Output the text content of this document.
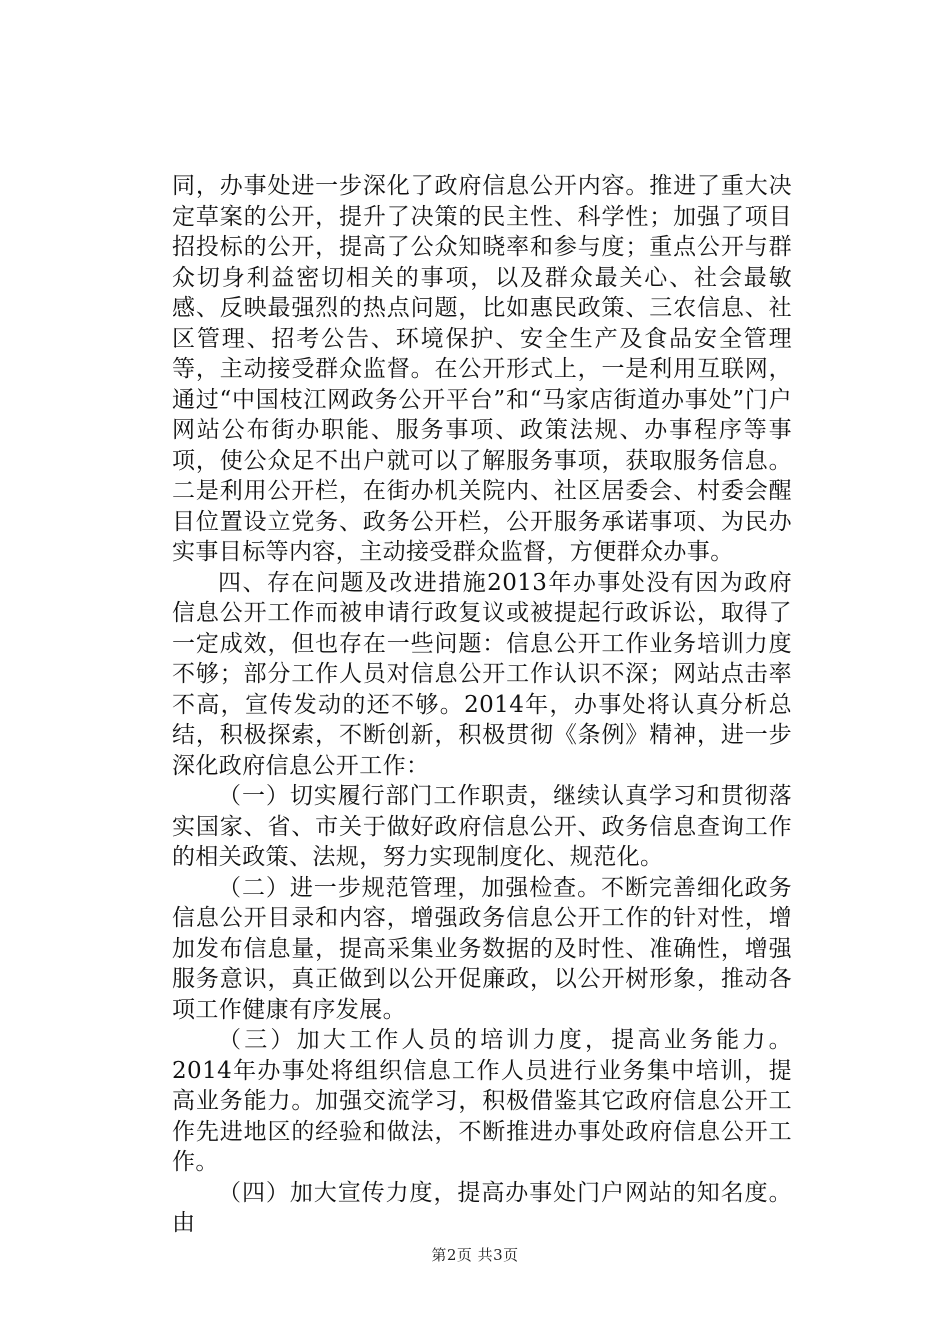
同，办事处进一步深化了政府信息公开内容。推进了重大决定草案的公开，提升了决策的民主性、科学性；加强了项目招投标的公开，提高了公众知晓率和参与度；重点公开与群众切身利益密切相关的事项，以及群众最关心、社会最敏感、反映最强烈的热点问题，比如惠民政策、三农信息、社区管理、招考公告、环境保护、安全生产及食品安全管理等，主动接受群众监督。在公开形式上，一是利用互联网，通过“中国枝江网政务公开平台”和“马家店街道办事处”门户网站公布街办职能、服务事项、政策法规、办事程序等事项，使公众足不出户就可以了解服务事项，获取服务信息。二是利用公开栏，在街办机关院内、社区居委会、村委会醒目位置设立党务、政务公开栏，公开服务承诺事项、为民办实事目标等内容，主动接受群众监督，方便群众办事。

四、存在问题及改进措施2013年办事处没有因为政府信息公开工作而被申请行政复议或被提起行政诉讼，取得了一定成效，但也存在一些问题：信息公开工作业务培训力度不够；部分工作人员对信息公开工作认识不深；网站点击率不高，宣传发动的还不够。2014年，办事处将认真分析总结，积极探索，不断创新，积极贯彻《条例》精神，进一步深化政府信息公开工作：

（一）切实履行部门工作职责，继续认真学习和贯彻落实国家、省、市关于做好政府信息公开、政务信息查询工作的相关政策、法规，努力实现制度化、规范化。

（二）进一步规范管理，加强检查。不断完善细化政务信息公开目录和内容，增强政务信息公开工作的针对性，增加发布信息量，提高采集业务数据的及时性、准确性，增强服务意识，真正做到以公开促廉政，以公开树形象，推动各项工作健康有序发展。

（三）加大工作人员的培训力度，提高业务能力。2014年办事处将组织信息工作人员进行业务集中培训，提高业务能力。加强交流学习，积极借鉴其它政府信息公开工作先进地区的经验和做法，不断推进办事处政府信息公开工作。

（四）加大宣传力度，提高办事处门户网站的知名度。由

第2页 共3页
